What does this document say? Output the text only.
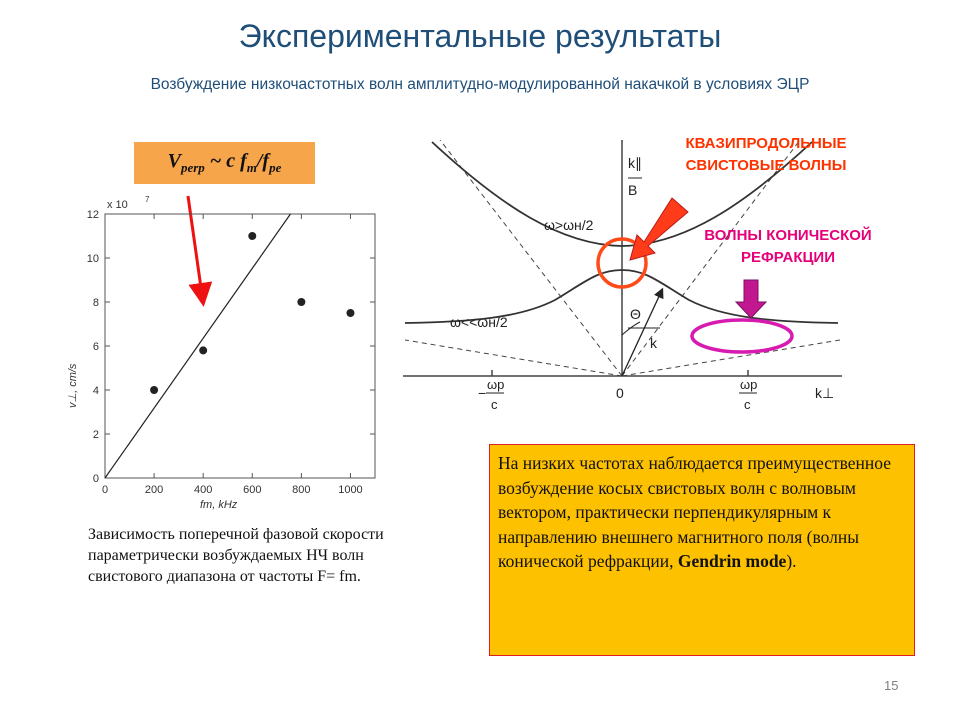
Экспериментальные результаты
Возбуждение низкочастотных волн амплитудно-модулированной накачкой в условиях ЭЦР
$V_{perp}$ ~ c $f_m/f_{pe}$
0
2
4
6
8
10
12
0	200	400	600	800	1000
x 10 7
fm, kHz
v⊥, cm/s
Зависимость поперечной фазовой скорости параметрически возбуждаемых НЧ волн свистового диапазона от частоты F= fm.
k∥
B
ω>ωн/2
ω<<ωн/2	Θ
k
0	k⊥
−
ωp
c
ωp
c
КВАЗИПРОДОЛЬНЫЕ
СВИСТОВЫЕ ВОЛНЫ
ВОЛНЫ КОНИЧЕСКОЙ
РЕФРАКЦИИ
На низких частотах наблюдается преимущественное возбуждение косых свистовых волн с волновым вектором, практически перпендикулярным к направлению внешнего магнитного поля (волны конической рефракции, Gendrin mode).
15
